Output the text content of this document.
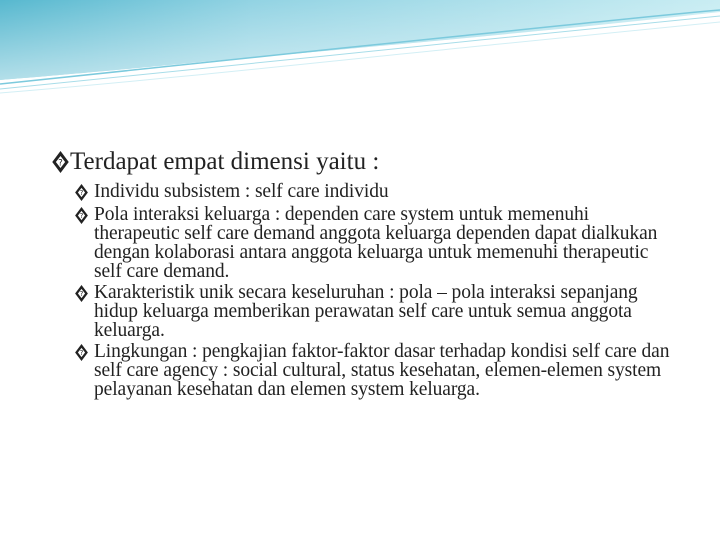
? Terdapat empat dimensi yaitu :
? Individu subsistem : self care individu
? Pola interaksi keluarga : dependen care system untuk memenuhi therapeutic self care demand anggota keluarga dependen dapat dialkukan dengan kolaborasi antara anggota keluarga untuk memenuhi therapeutic self care demand.
? Karakteristik unik secara keseluruhan : pola – pola interaksi sepanjang hidup keluarga memberikan perawatan self care untuk semua anggota keluarga.
? Lingkungan : pengkajian faktor-faktor dasar terhadap kondisi self care dan self care agency : social cultural, status kesehatan, elemen-elemen system pelayanan kesehatan dan elemen system keluarga.
